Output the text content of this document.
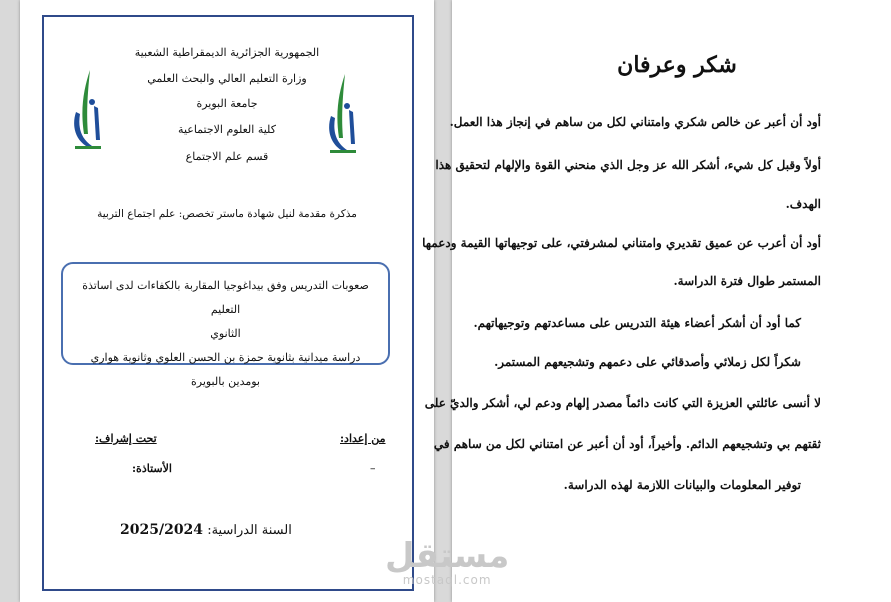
الجمهورية الجزائرية الديمقراطية الشعبية
وزارة التعليم العالي والبحث العلمي
جامعة البويرة
كلية العلوم الاجتماعية
قسم علم الاجتماع
مذكرة مقدمة لنيل شهادة ماستر تخصص: علم اجتماع التربية
صعوبات التدريس وفق بيداغوجيا المقاربة بالكفاءات لدى اساتذة التعليم
الثانوي
دراسة ميدانية بثانوية حمزة بن الحسن العلوي وثانوية هواري بومدين بالبويرة
من إعداد:
تحت إشراف:
–
الأستاذة:
السنة الدراسية: 2025/2024
شكر وعرفان
أود أن أعبر عن خالص شكري وامتناني لكل من ساهم في إنجاز هذا العمل.
أولاً وقبل كل شيء، أشكر الله عز وجل الذي منحني القوة والإلهام لتحقيق هذا
الهدف.
أود أن أعرب عن عميق تقديري وامتناني لمشرفتي، على توجيهاتها القيمة ودعمها
المستمر طوال فترة الدراسة.
كما أود أن أشكر أعضاء هيئة التدريس على مساعدتهم وتوجيهاتهم.
شكراً لكل زملائي وأصدقائي على دعمهم وتشجيعهم المستمر.
لا أنسى عائلتي العزيزة التي كانت دائماً مصدر إلهام ودعم لي، أشكر والديّ على
ثقتهم بي وتشجيعهم الدائم. وأخيراً، أود أن أعبر عن امتناني لكل من ساهم في
توفير المعلومات والبيانات اللازمة لهذه الدراسة.
مستقل
mostaql.com
